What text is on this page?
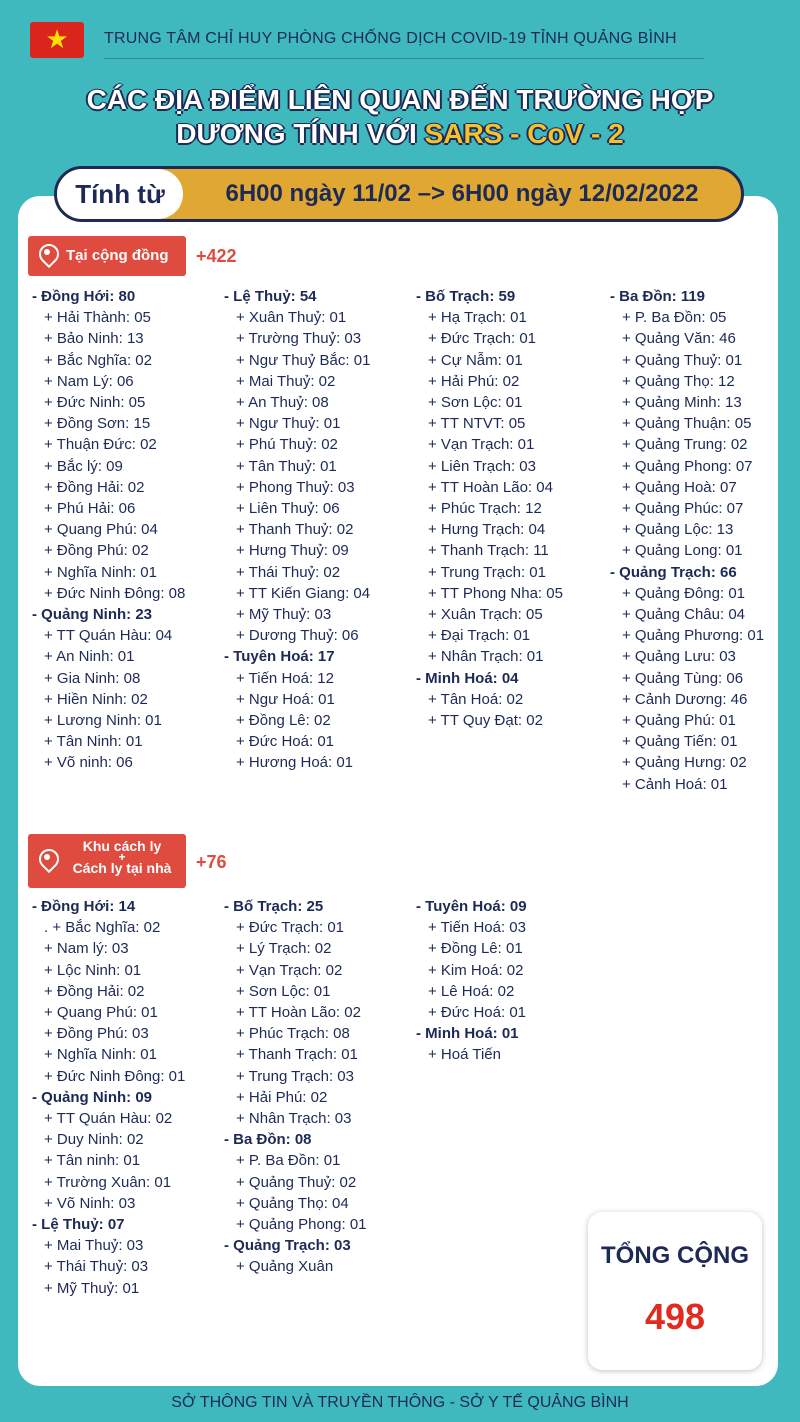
★ TRUNG TÂM CHỈ HUY PHÒNG CHỐNG DỊCH COVID-19 TỈNH QUẢNG BÌNH
CÁC ĐỊA ĐIỂM LIÊN QUAN ĐẾN TRƯỜNG HỢP
DƯƠNG TÍNH VỚI SARS - CoV - 2
Tính từ	6H00 ngày 11/02 –> 6H00 ngày 12/02/2022
Tại cộng đồng +422
- Đồng Hới: 80
+ Hải Thành: 05
+ Bảo Ninh: 13
+ Bắc Nghĩa: 02
+ Nam Lý: 06
+ Đức Ninh: 05
+ Đồng Sơn: 15
+ Thuận Đức: 02
+ Bắc lý: 09
+ Đồng Hải: 02
+ Phú Hải: 06
+ Quang Phú: 04
+ Đồng Phú: 02
+ Nghĩa Ninh: 01
+ Đức Ninh Đông: 08
- Quảng Ninh: 23
+ TT Quán Hàu: 04
+ An Ninh: 01
+ Gia Ninh: 08
+ Hiền Ninh: 02
+ Lương Ninh: 01
+ Tân Ninh: 01
+ Võ ninh: 06
- Lệ Thuỷ: 54
+ Xuân Thuỷ: 01
+ Trường Thuỷ: 03
+ Ngư Thuỷ Bắc: 01
+ Mai Thuỷ: 02
+ An Thuỷ: 08
+ Ngư Thuỷ: 01
+ Phú Thuỷ: 02
+ Tân Thuỷ: 01
+ Phong Thuỷ: 03
+ Liên Thuỷ: 06
+ Thanh Thuỷ: 02
+ Hưng Thuỷ: 09
+ Thái Thuỷ: 02
+ TT Kiến Giang: 04
+ Mỹ Thuỷ: 03
+ Dương Thuỷ: 06
- Tuyên Hoá: 17
+ Tiến Hoá: 12
+ Ngư Hoá: 01
+ Đồng Lê: 02
+ Đức Hoá: 01
+ Hương Hoá: 01
- Bố Trạch: 59
+ Hạ Trạch: 01
+ Đức Trạch: 01
+ Cự Nẫm: 01
+ Hải Phú: 02
+ Sơn Lộc: 01
+ TT NTVT: 05
+ Vạn Trạch: 01
+ Liên Trạch: 03
+ TT Hoàn Lão: 04
+ Phúc Trạch: 12
+ Hưng Trạch: 04
+ Thanh Trạch: 11
+ Trung Trạch: 01
+ TT Phong Nha: 05
+ Xuân Trạch: 05
+ Đại Trạch: 01
+ Nhân Trạch: 01
- Minh Hoá: 04
+ Tân Hoá: 02
+ TT Quy Đạt: 02
- Ba Đồn: 119
+ P. Ba Đồn: 05
+ Quảng Văn: 46
+ Quảng Thuỷ: 01
+ Quảng Thọ: 12
+ Quảng Minh: 13
+ Quảng Thuận: 05
+ Quảng Trung: 02
+ Quảng Phong: 07
+ Quảng Hoà: 07
+ Quảng Phúc: 07
+ Quảng Lộc: 13
+ Quảng Long: 01
- Quảng Trạch: 66
+ Quảng Đông: 01
+ Quảng Châu: 04
+ Quảng Phương: 01
+ Quảng Lưu: 03
+ Quảng Tùng: 06
+ Cảnh Dương: 46
+ Quảng Phú: 01
+ Quảng Tiến: 01
+ Quảng Hưng: 02
+ Cảnh Hoá: 01
Khu cách ly
+
Cách ly tại nhà	+76
- Đồng Hới: 14
. + Bắc Nghĩa: 02
+ Nam lý: 03
+ Lộc Ninh: 01
+ Đồng Hải: 02
+ Quang Phú: 01
+ Đồng Phú: 03
+ Nghĩa Ninh: 01
+ Đức Ninh Đông: 01
- Quảng Ninh: 09
+ TT Quán Hàu: 02
+ Duy Ninh: 02
+ Tân ninh: 01
+ Trường Xuân: 01
+ Võ Ninh: 03
- Lệ Thuỷ: 07
+ Mai Thuỷ: 03
+ Thái Thuỷ: 03
+ Mỹ Thuỷ: 01
- Bố Trạch: 25
+ Đức Trạch: 01
+ Lý Trạch: 02
+ Vạn Trạch: 02
+ Sơn Lộc: 01
+ TT Hoàn Lão: 02
+ Phúc Trạch: 08
+ Thanh Trạch: 01
+ Trung Trạch: 03
+ Hải Phú: 02
+ Nhân Trạch: 03
- Ba Đồn: 08
+ P. Ba Đồn: 01
+ Quảng Thuỷ: 02
+ Quảng Thọ: 04
+ Quảng Phong: 01
- Quảng Trạch: 03
+ Quảng Xuân
- Tuyên Hoá: 09
+ Tiến Hoá: 03
+ Đồng Lê: 01
+ Kim Hoá: 02
+ Lê Hoá: 02
+ Đức Hoá: 01
- Minh Hoá: 01
+ Hoá Tiến
TỔNG CỘNG
498
SỞ THÔNG TIN VÀ TRUYỀN THÔNG - SỞ Y TẾ QUẢNG BÌNH
